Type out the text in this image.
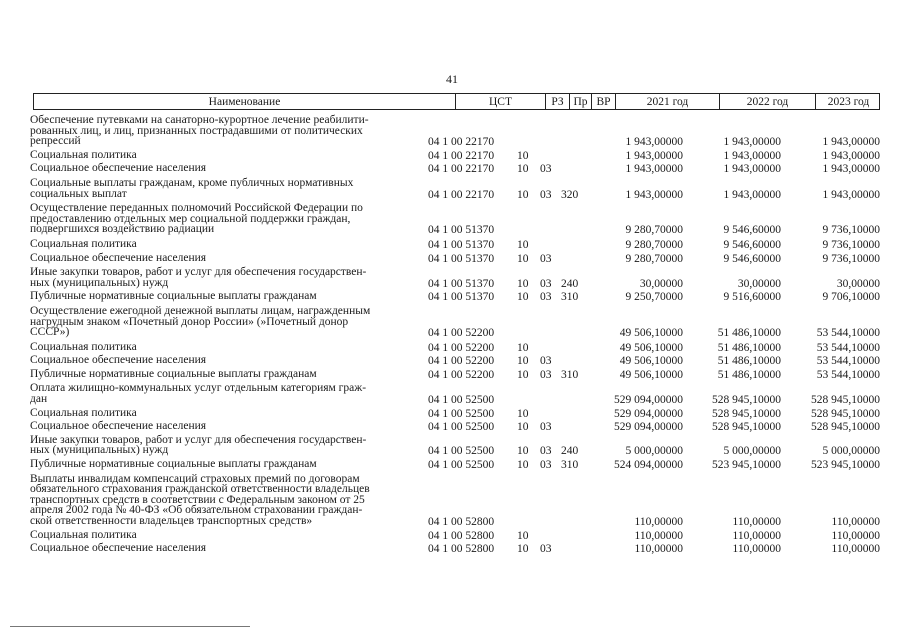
41
Наименование	ЦСТ	РЗ Пр ВР	2021 год	2022 год	2023 год
Обеспечение путевками на санаторно-курортное лечение реабилити-
рованных лиц, и лиц, признанных пострадавшими от политических
репрессий	04 1 00 22170	1 943,00000	1 943,00000	1 943,00000
Социальная политика	04 1 00 22170 10	1 943,00000	1 943,00000	1 943,00000
Социальное обеспечение населения	04 1 00 22170 10 03	1 943,00000	1 943,00000	1 943,00000
Социальные выплаты гражданам, кроме публичных нормативных
социальных выплат	04 1 00 22170 10 03 320	1 943,00000	1 943,00000	1 943,00000
Осуществление переданных полномочий Российской Федерации по
предоставлению отдельных мер социальной поддержки граждан,
подвергшихся воздействию радиации	04 1 00 51370	9 280,70000	9 546,60000	9 736,10000
Социальная политика	04 1 00 51370 10	9 280,70000	9 546,60000	9 736,10000
Социальное обеспечение населения	04 1 00 51370 10 03	9 280,70000	9 546,60000	9 736,10000
Иные закупки товаров, работ и услуг для обеспечения государствен-
ных (муниципальных) нужд	04 1 00 51370 10 03 240	30,00000	30,00000	30,00000
Публичные нормативные социальные выплаты гражданам	04 1 00 51370 10 03 310	9 250,70000	9 516,60000	9 706,10000
Осуществление ежегодной денежной выплаты лицам, награжденным
нагрудным знаком «Почетный донор России» (»Почетный донор
СССР»)	04 1 00 52200	49 506,10000	51 486,10000	53 544,10000
Социальная политика	04 1 00 52200 10	49 506,10000	51 486,10000	53 544,10000
Социальное обеспечение населения	04 1 00 52200 10 03	49 506,10000	51 486,10000	53 544,10000
Публичные нормативные социальные выплаты гражданам	04 1 00 52200 10 03 310	49 506,10000	51 486,10000	53 544,10000
Оплата жилищно-коммунальных услуг отдельным категориям граж-
дан	04 1 00 52500	529 094,00000	528 945,10000	528 945,10000
Социальная политика	04 1 00 52500 10	529 094,00000	528 945,10000	528 945,10000
Социальное обеспечение населения	04 1 00 52500 10 03	529 094,00000	528 945,10000	528 945,10000
Иные закупки товаров, работ и услуг для обеспечения государствен-
ных (муниципальных) нужд	04 1 00 52500 10 03 240	5 000,00000	5 000,00000	5 000,00000
Публичные нормативные социальные выплаты гражданам	04 1 00 52500 10 03 310	524 094,00000	523 945,10000	523 945,10000
Выплаты инвалидам компенсаций страховых премий по договорам
обязательного страхования гражданской ответственности владельцев
транспортных средств в соответствии с Федеральным законом от 25
апреля 2002 года № 40-ФЗ «Об обязательном страховании граждан-
ской ответственности владельцев транспортных средств»	04 1 00 52800	110,00000	110,00000	110,00000
Социальная политика	04 1 00 52800 10	110,00000	110,00000	110,00000
Социальное обеспечение населения	04 1 00 52800 10 03	110,00000	110,00000	110,00000
